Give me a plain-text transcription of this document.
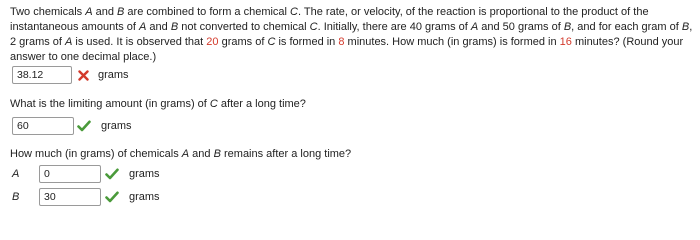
Two chemicals A and B are combined to form a chemical C. The rate, or velocity, of the reaction is proportional to the product of the instantaneous amounts of A and B not converted to chemical C. Initially, there are 40 grams of A and 50 grams of B, and for each gram of B, 2 grams of A is used. It is observed that 20 grams of C is formed in 8 minutes. How much (in grams) is formed in 16 minutes? (Round your answer to one decimal place.)
38.12	grams
What is the limiting amount (in grams) of C after a long time?
60	grams
How much (in grams) of chemicals A and B remains after a long time?
A	0	grams
B	30	grams
